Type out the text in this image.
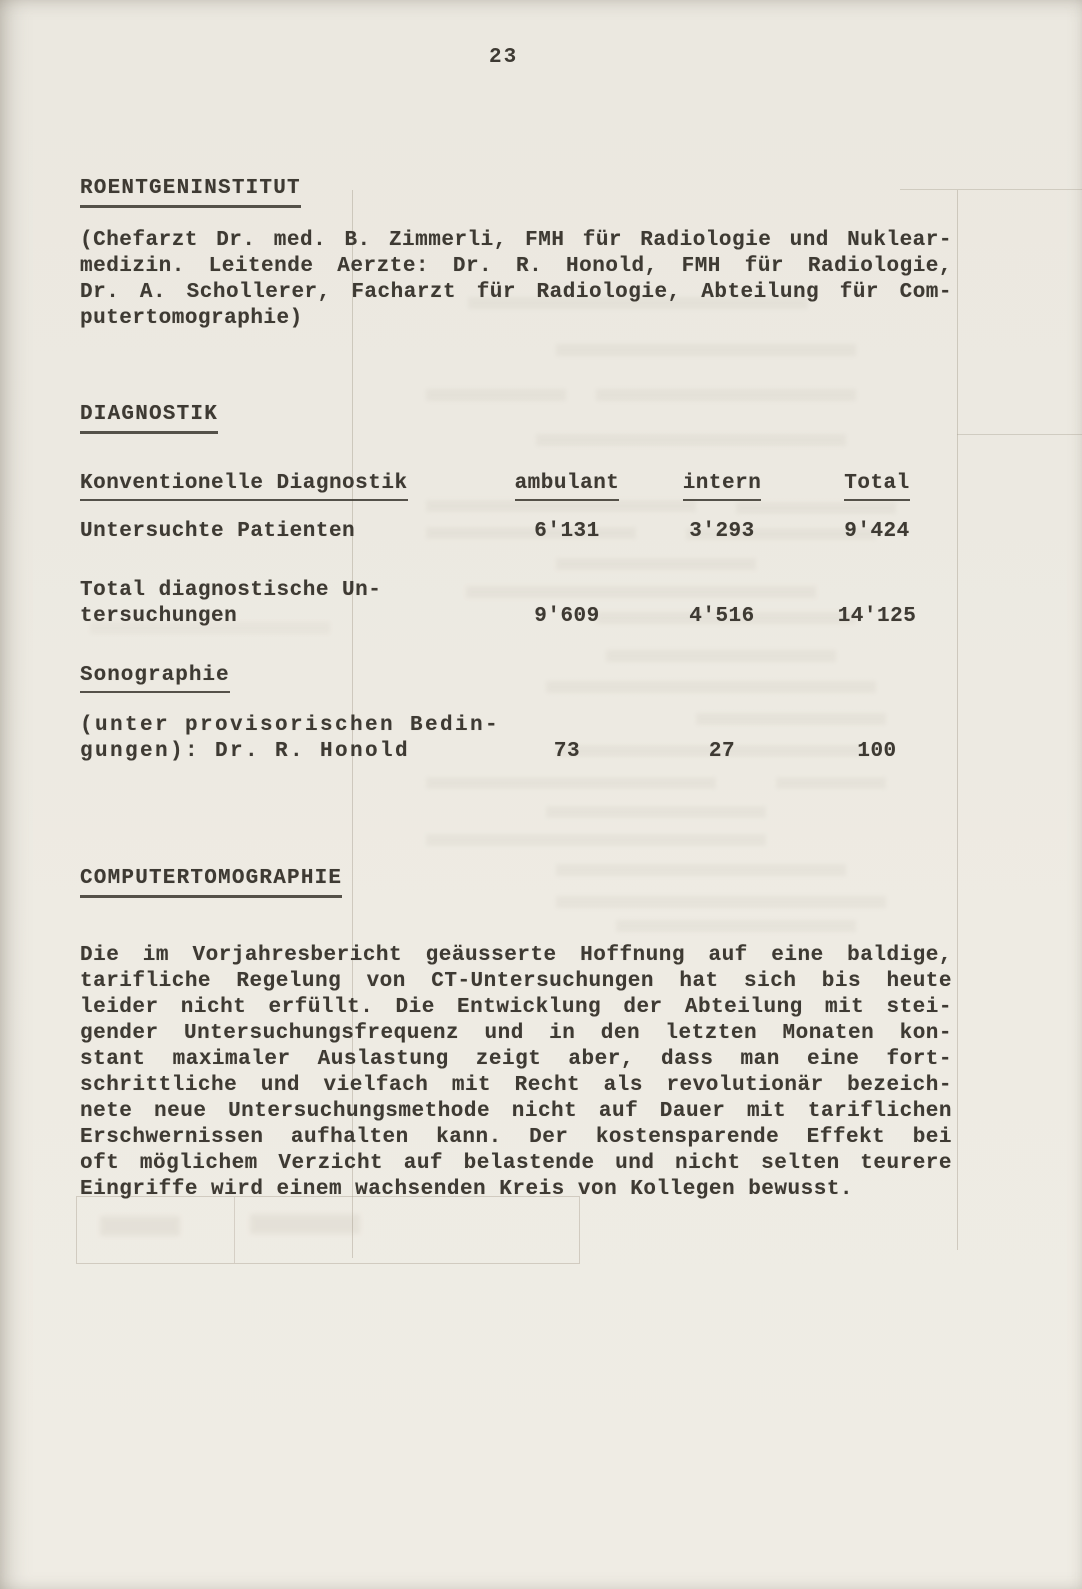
23
ROENTGENINSTITUT
(Chefarzt Dr. med. B. Zimmerli, FMH für Radiologie und Nuklear-
medizin. Leitende Aerzte: Dr. R. Honold, FMH für Radiologie,
Dr. A. Schollerer, Facharzt für Radiologie, Abteilung für Com-
putertomographie)
DIAGNOSTIK
Konventionelle Diagnostik	ambulant	intern	Total
Untersuchte Patienten	6'131	3'293	9'424
Total diagnostische Un-
tersuchungen	9'609	4'516	14'125
Sonographie
(unter provisorischen Bedin-
gungen): Dr. R. Honold	73	27	100
COMPUTERTOMOGRAPHIE
Die im Vorjahresbericht geäusserte Hoffnung auf eine baldige,
tarifliche Regelung von CT-Untersuchungen hat sich bis heute
leider nicht erfüllt. Die Entwicklung der Abteilung mit stei-
gender Untersuchungsfrequenz und in den letzten Monaten kon-
stant maximaler Auslastung zeigt aber, dass man eine fort-
schrittliche und vielfach mit Recht als revolutionär bezeich-
nete neue Untersuchungsmethode nicht auf Dauer mit tariflichen
Erschwernissen aufhalten kann. Der kostensparende Effekt bei
oft möglichem Verzicht auf belastende und nicht selten teurere
Eingriffe wird einem wachsenden Kreis von Kollegen bewusst.
